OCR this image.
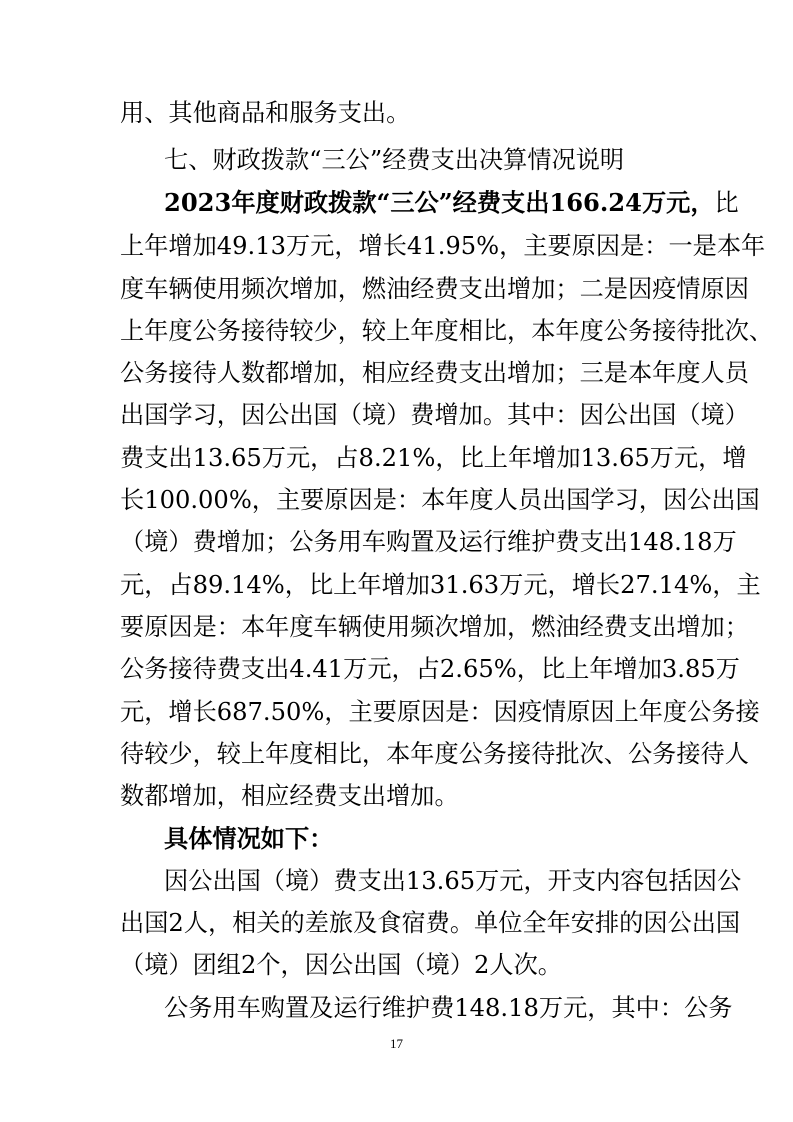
用、其他商品和服务支出。
七、财政拨款“三公”经费支出决算情况说明
2023年度财政拨款“三公”经费支出166.24万元，比
上年增加49.13万元，增长41.95%，主要原因是：一是本年
度车辆使用频次增加，燃油经费支出增加；二是因疫情原因
上年度公务接待较少，较上年度相比，本年度公务接待批次、
公务接待人数都增加，相应经费支出增加；三是本年度人员
出国学习，因公出国（境）费增加。其中：因公出国（境）
费支出13.65万元，占8.21%，比上年增加13.65万元，增
长100.00%，主要原因是：本年度人员出国学习，因公出国
（境）费增加；公务用车购置及运行维护费支出148.18万
元，占89.14%，比上年增加31.63万元，增长27.14%，主
要原因是：本年度车辆使用频次增加，燃油经费支出增加；
公务接待费支出4.41万元，占2.65%，比上年增加3.85万
元，增长687.50%，主要原因是：因疫情原因上年度公务接
待较少，较上年度相比，本年度公务接待批次、公务接待人
数都增加，相应经费支出增加。
具体情况如下：
因公出国（境）费支出13.65万元，开支内容包括因公
出国2人，相关的差旅及食宿费。单位全年安排的因公出国
（境）团组2个，因公出国（境）2人次。
公务用车购置及运行维护费148.18万元，其中：公务
17
